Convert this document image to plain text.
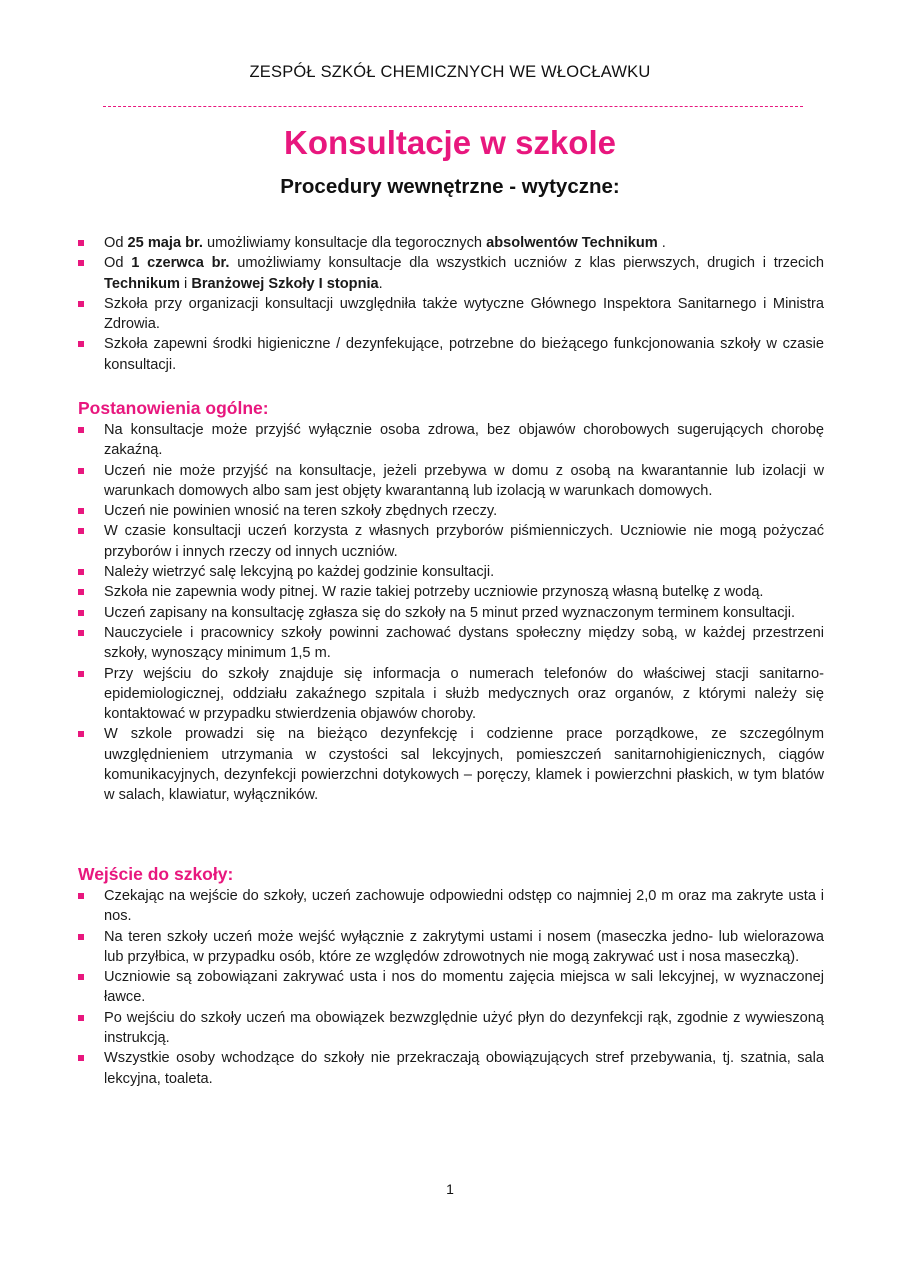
ZESPÓŁ SZKÓŁ CHEMICZNYCH WE WŁOCŁAWKU
Konsultacje w szkole
Procedury wewnętrzne - wytyczne:
Od 25 maja br. umożliwiamy konsultacje dla tegorocznych absolwentów Technikum .
Od 1 czerwca br. umożliwiamy konsultacje dla wszystkich uczniów z klas pierwszych, drugich i trzecich Technikum i Branżowej Szkoły I stopnia.
Szkoła przy organizacji konsultacji uwzględniła także wytyczne Głównego Inspektora Sanitarnego i Ministra Zdrowia.
Szkoła zapewni środki higieniczne / dezynfekujące, potrzebne do bieżącego funkcjonowania szkoły w czasie konsultacji.
Postanowienia ogólne:
Na konsultacje może przyjść wyłącznie osoba zdrowa, bez objawów chorobowych sugerujących chorobę zakaźną.
Uczeń nie może przyjść na konsultacje, jeżeli przebywa w domu z osobą na kwarantannie lub izolacji w warunkach domowych albo sam jest objęty kwarantanną lub izolacją w warunkach domowych.
Uczeń nie powinien wnosić na teren szkoły zbędnych rzeczy.
W czasie konsultacji uczeń korzysta z własnych przyborów piśmienniczych. Uczniowie nie mogą pożyczać przyborów i innych rzeczy od innych uczniów.
Należy wietrzyć salę lekcyjną po każdej godzinie konsultacji.
Szkoła nie zapewnia wody pitnej. W razie takiej potrzeby uczniowie przynoszą własną butelkę z wodą.
Uczeń zapisany na konsultację zgłasza się do szkoły na 5 minut przed wyznaczonym terminem konsultacji.
Nauczyciele i pracownicy szkoły powinni zachować dystans społeczny między sobą, w każdej przestrzeni szkoły, wynoszący minimum 1,5 m.
Przy wejściu do szkoły znajduje się informacja o numerach telefonów do właściwej stacji sanitarno-epidemiologicznej, oddziału zakaźnego szpitala i służb medycznych oraz organów, z którymi należy się kontaktować w przypadku stwierdzenia objawów choroby.
W szkole prowadzi się na bieżąco dezynfekcję i codzienne prace porządkowe, ze szczególnym uwzględnieniem utrzymania w czystości sal lekcyjnych, pomieszczeń sanitarnohigienicznych, ciągów komunikacyjnych, dezynfekcji powierzchni dotykowych – poręczy, klamek i powierzchni płaskich, w tym blatów w salach, klawiatur, wyłączników.
Wejście do szkoły:
Czekając na wejście do szkoły, uczeń zachowuje odpowiedni odstęp co najmniej 2,0 m oraz ma zakryte usta i nos.
Na teren szkoły uczeń może wejść wyłącznie z zakrytymi ustami i nosem (maseczka jedno- lub wielorazowa lub przyłbica, w przypadku osób, które ze względów zdrowotnych nie mogą zakrywać ust i nosa maseczką).
Uczniowie są zobowiązani zakrywać usta i nos do momentu zajęcia miejsca w sali lekcyjnej, w wyznaczonej ławce.
Po wejściu do szkoły uczeń ma obowiązek bezwzględnie użyć płyn do dezynfekcji rąk, zgodnie z wywieszoną instrukcją.
Wszystkie osoby wchodzące do szkoły nie przekraczają obowiązujących stref przebywania, tj. szatnia, sala lekcyjna, toaleta.
1
